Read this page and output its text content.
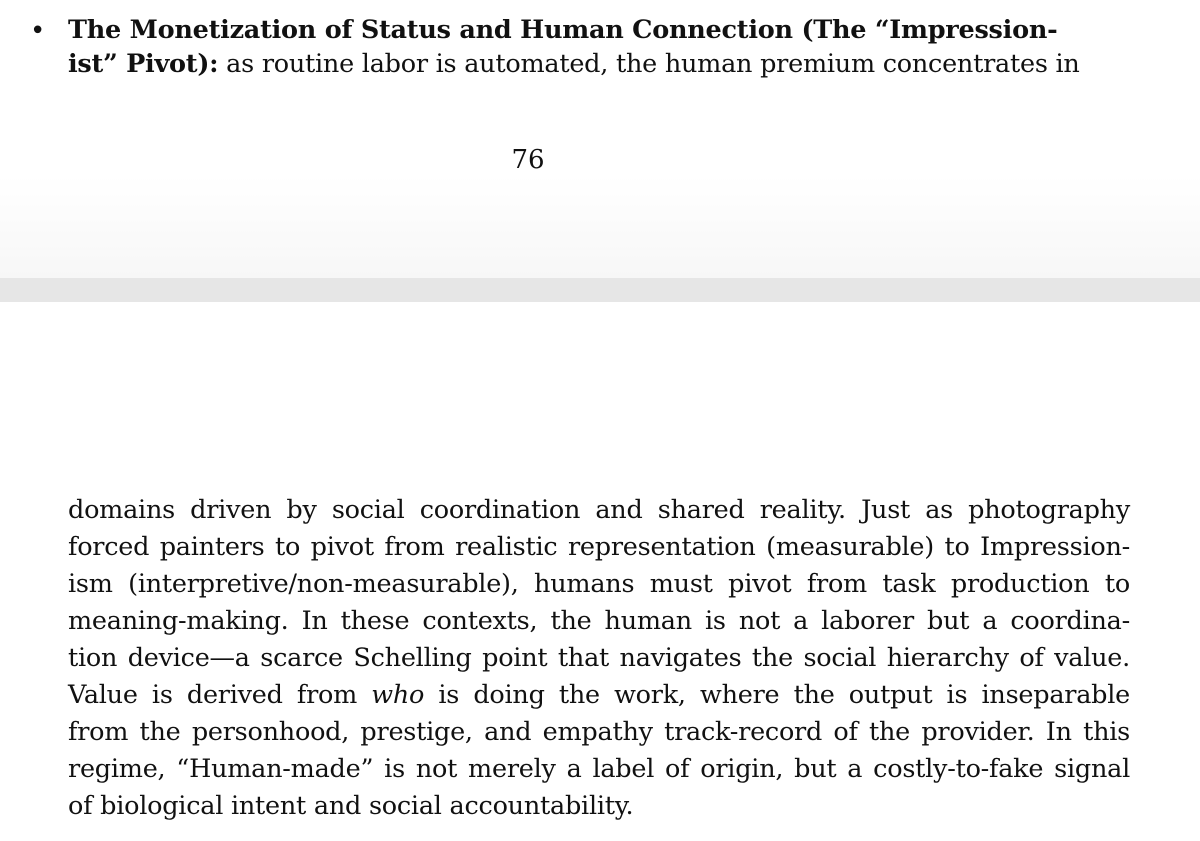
• The Monetization of Status and Human Connection (The “Impression-
ist” Pivot): as routine labor is automated, the human premium concentrates in
76
domains driven by social coordination and shared reality. Just as photography
forced painters to pivot from realistic representation (measurable) to Impression-
ism (interpretive/non-measurable), humans must pivot from task production to
meaning-making. In these contexts, the human is not a laborer but a coordina-
tion device—a scarce Schelling point that navigates the social hierarchy of value.
Value is derived from who is doing the work, where the output is inseparable
from the personhood, prestige, and empathy track-record of the provider. In this
regime, “Human-made” is not merely a label of origin, but a costly-to-fake signal
of biological intent and social accountability.
